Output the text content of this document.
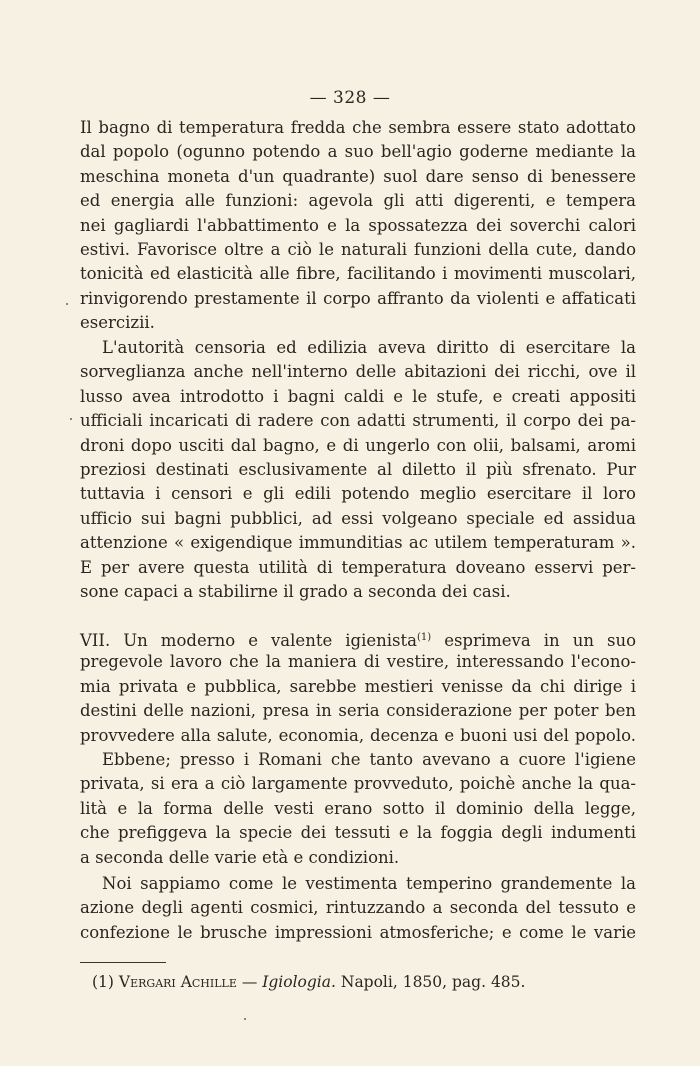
— 328 —
Il bagno di temperatura fredda che sembra essere stato adottato
dal popolo (ogunno potendo a suo bell'agio goderne mediante la
meschina moneta d'un quadrante) suol dare senso di benessere
ed energia alle funzioni: agevola gli atti digerenti, e tempera
nei gagliardi l'abbattimento e la spossatezza dei soverchi calori
estivi. Favorisce oltre a ciò le naturali funzioni della cute, dando
tonicità ed elasticità alle fibre, facilitando i movimenti muscolari,
rinvigorendo prestamente il corpo affranto da violenti e affaticati
esercizii.
L'autorità censoria ed edilizia aveva diritto di esercitare la
sorveglianza anche nell'interno delle abitazioni dei ricchi, ove il
lusso avea introdotto i bagni caldi e le stufe, e creati appositi
ufficiali incaricati di radere con adatti strumenti, il corpo dei pa-
droni dopo usciti dal bagno, e di ungerlo con olii, balsami, aromi
preziosi destinati esclusivamente al diletto il più sfrenato. Pur
tuttavia i censori e gli edili potendo meglio esercitare il loro
ufficio sui bagni pubblici, ad essi volgeano speciale ed assidua
attenzione « exigendique immunditias ac utilem temperaturam ».
E per avere questa utilità di temperatura doveano esservi per-
sone capaci a stabilirne il grado a seconda dei casi.
VII. Un moderno e valente igienista$^{(1)}$ esprimeva in un suo
pregevole lavoro che la maniera di vestire, interessando l'econo-
mia privata e pubblica, sarebbe mestieri venisse da chi dirige i
destini delle nazioni, presa in seria considerazione per poter ben
provvedere alla salute, economia, decenza e buoni usi del popolo.
Ebbene; presso i Romani che tanto avevano a cuore l'igiene
privata, si era a ciò largamente provveduto, poichè anche la qua-
lità e la forma delle vesti erano sotto il dominio della legge,
che prefiggeva la specie dei tessuti e la foggia degli indumenti
a seconda delle varie età e condizioni.
Noi sappiamo come le vestimenta temperino grandemente la
azione degli agenti cosmici, rintuzzando a seconda del tessuto e
confezione le brusche impressioni atmosferiche; e come le varie
(1) Vergari Achille — Igiologia. Napoli, 1850, pag. 485.
